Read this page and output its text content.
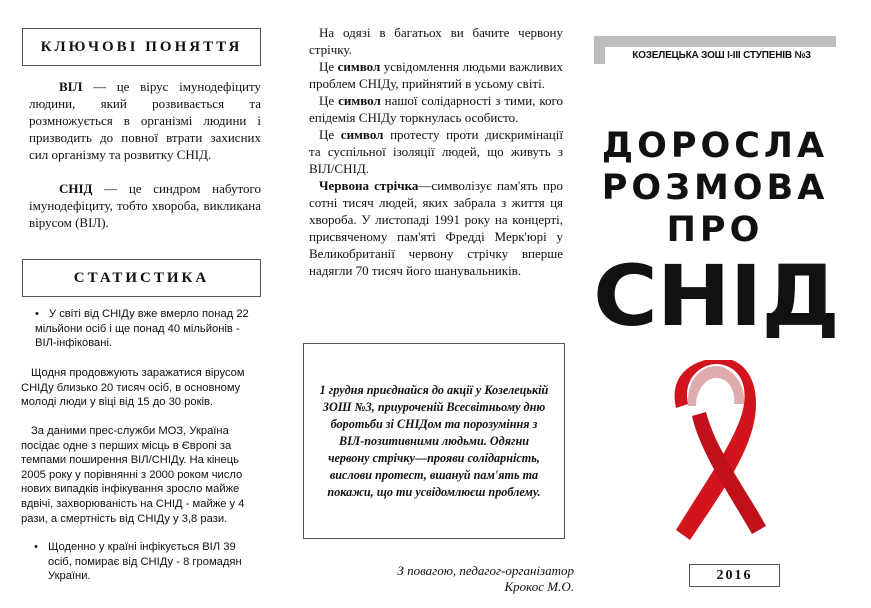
КЛЮЧОВІ ПОНЯТТЯ
ВІЛ — це вірус імунодефіциту людини, який розвивається та розмножується в організмі людини і призводить до повної втрати захисних сил організму та розвитку СНІД.
СНІД — це синдром набутого імунодефіциту, тобто хвороба, викликана вірусом (ВІЛ).
СТАТИСТИКА
• У світі від СНІДу вже вмерло понад 22 мільйони осіб і ще понад 40 мільйонів - ВІЛ-інфіковані.
Щодня продовжують заражатися вірусом СНІДу близько 20 тисяч осіб, в основному молоді люди у віці від 15 до 30 років.
За даними прес-служби МОЗ, Україна посідає одне з перших місць в Європі за темпами поширення ВІЛ/СНІДу. На кінець 2005 року у порівнянні з 2000 роком число нових випадків інфікування зросло майже вдвічі, захворюваність на СНІД - майже у 4 рази, а смертність від СНІДу у 3,8 рази.
• Щоденно у країні інфікується ВІЛ 39 осіб, помирає від СНІДу - 8 громадян України.
На одязі в багатьох ви бачите червону стрічку.
Це символ усвідомлення людьми важливих проблем СНІДу, прийнятий в усьому світі.
Це символ нашої солідарності з тими, кого епідемія СНІДу торкнулась особисто.
Це символ протесту проти дискримінації та суспільної ізоляції людей, що живуть з ВІЛ/СНІД.
Червона стрічка—символізує пам'ять про сотні тисяч людей, яких забрала з життя ця хвороба. У листопаді 1991 року на концерті, присвяченому пам'яті Фредді Мерк'юрі у Великобританії червону стрічку вперше надягли 70 тисяч його шанувальників.
1 грудня приєднайся до акції у Козелецькій ЗОШ №3, приуроченій Всесвітньому дню боротьби зі СНІДом та порозуміння з ВІЛ-позитивними людьми. Одягни червону стрічку—прояви солідарність, вислови протест, вшануй пам'ять та покажи, що ти усвідомлюєш проблему.
З повагою, педагог-організатор
Крокос М.О.
КОЗЕЛЕЦЬКА ЗОШ І-ІІІ СТУПЕНІВ №3
ДОРОСЛА
РОЗМОВА
ПРО
СНІД
2016
